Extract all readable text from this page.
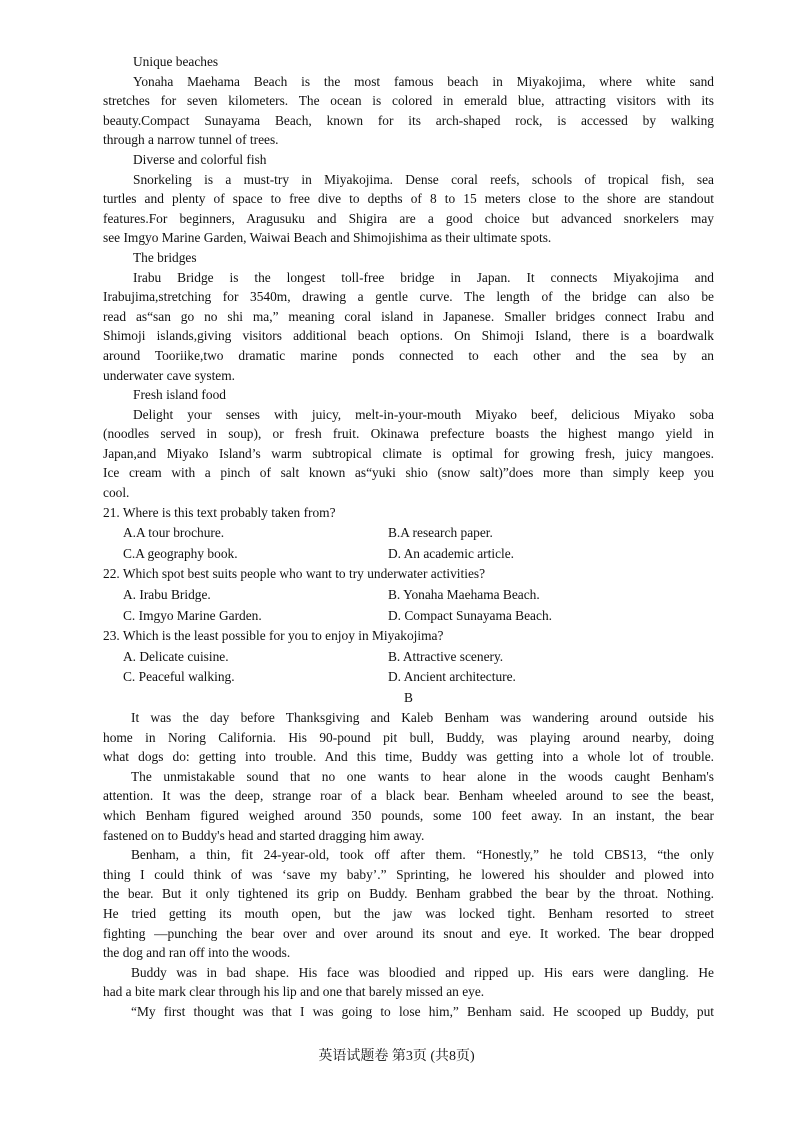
Unique beaches
Yonaha Maehama Beach is the most famous beach in Miyakojima, where white sand
stretches for seven kilometers. The ocean is colored in emerald blue, attracting visitors with its
beauty.Compact Sunayama Beach, known for its arch-shaped rock, is accessed by walking
through a narrow tunnel of trees.
Diverse and colorful fish
Snorkeling is a must-try in Miyakojima. Dense coral reefs, schools of tropical fish, sea
turtles and plenty of space to free dive to depths of 8 to 15 meters close to the shore are standout
features.For beginners, Aragusuku and Shigira are a good choice but advanced snorkelers may
see Imgyo Marine Garden, Waiwai Beach and Shimojishima as their ultimate spots.
The bridges
Irabu Bridge is the longest toll-free bridge in Japan. It connects Miyakojima and
Irabujima,stretching for 3540m, drawing a gentle curve. The length of the bridge can also be
read as“san go no shi ma,” meaning coral island in Japanese. Smaller bridges connect Irabu and
Shimoji islands,giving visitors additional beach options. On Shimoji Island, there is a boardwalk
around Tooriike,two dramatic marine ponds connected to each other and the sea by an
underwater cave system.
Fresh island food
Delight your senses with juicy, melt-in-your-mouth Miyako beef, delicious Miyako soba
(noodles served in soup), or fresh fruit. Okinawa prefecture boasts the highest mango yield in
Japan,and Miyako Island’s warm subtropical climate is optimal for growing fresh, juicy mangoes.
Ice cream with a pinch of salt known as“yuki shio (snow salt)”does more than simply keep you
cool.
21. Where is this text probably taken from?
A.A tour brochure.	B.A research paper.
C.A geography book.	D. An academic article.
22. Which spot best suits people who want to try underwater activities?
A. Irabu Bridge.	B. Yonaha Maehama Beach.
C. Imgyo Marine Garden.	D. Compact Sunayama Beach.
23. Which is the least possible for you to enjoy in Miyakojima?
A. Delicate cuisine.	B. Attractive scenery.
C. Peaceful walking.	D. Ancient architecture.
B
It was the day before Thanksgiving and Kaleb Benham was wandering around outside his
home in Noring California. His 90-pound pit bull, Buddy, was playing around nearby, doing
what dogs do: getting into trouble. And this time, Buddy was getting into a whole lot of trouble.
The unmistakable sound that no one wants to hear alone in the woods caught Benham's
attention. It was the deep, strange roar of a black bear. Benham wheeled around to see the beast,
which Benham figured weighed around 350 pounds, some 100 feet away. In an instant, the bear
fastened on to Buddy's head and started dragging him away.
Benham, a thin, fit 24-year-old, took off after them. “Honestly,” he told CBS13, “the only
thing I could think of was ‘save my baby’.” Sprinting, he lowered his shoulder and plowed into
the bear. But it only tightened its grip on Buddy. Benham grabbed the bear by the throat. Nothing.
He tried getting its mouth open, but the jaw was locked tight. Benham resorted to street
fighting —punching the bear over and over around its snout and eye. It worked. The bear dropped
the dog and ran off into the woods.
Buddy was in bad shape. His face was bloodied and ripped up. His ears were dangling. He
had a bite mark clear through his lip and one that barely missed an eye.
“My first thought was that I was going to lose him,” Benham said. He scooped up Buddy, put
英语试题卷 第3页 (共8页)
